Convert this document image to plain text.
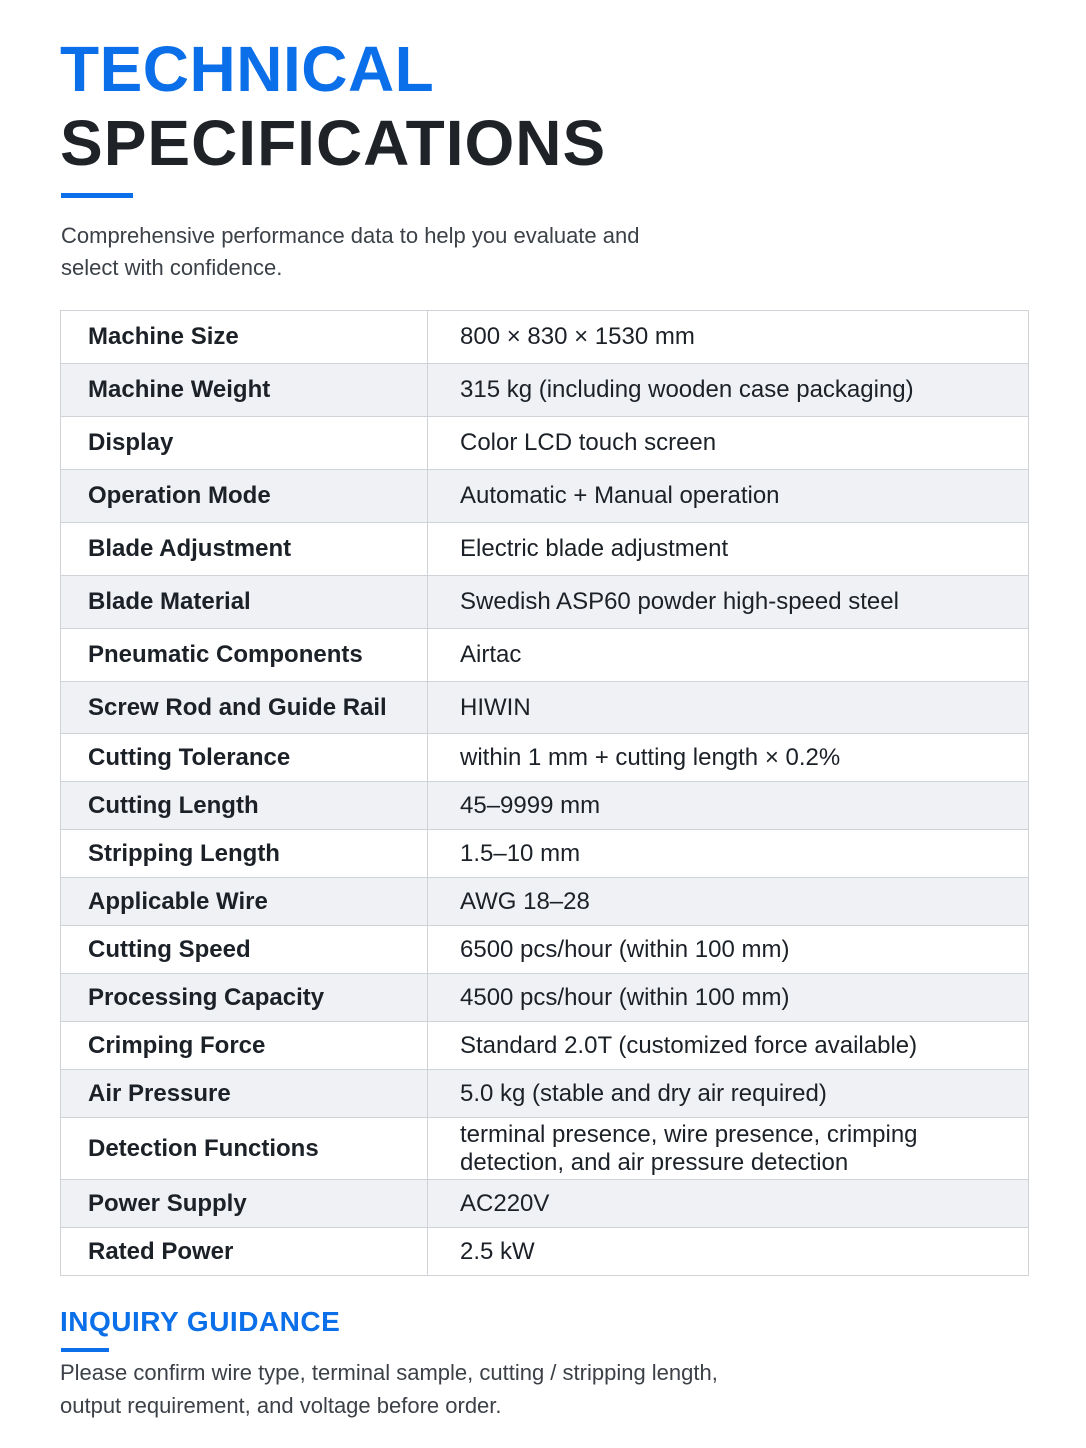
TECHNICAL
SPECIFICATIONS

Comprehensive performance data to help you evaluate and select with confidence.

Machine Size	800 × 830 × 1530 mm
Machine Weight	315 kg (including wooden case packaging)
Display	Color LCD touch screen
Operation Mode	Automatic + Manual operation
Blade Adjustment	Electric blade adjustment
Blade Material	Swedish ASP60 powder high-speed steel
Pneumatic Components	Airtac
Screw Rod and Guide Rail	HIWIN
Cutting Tolerance	within 1 mm + cutting length × 0.2%
Cutting Length	45–9999 mm
Stripping Length	1.5–10 mm
Applicable Wire	AWG 18–28
Cutting Speed	6500 pcs/hour (within 100 mm)
Processing Capacity	4500 pcs/hour (within 100 mm)
Crimping Force	Standard 2.0T (customized force available)
Air Pressure	5.0 kg (stable and dry air required)
Detection Functions	terminal presence, wire presence, crimping detection, and air pressure detection
Power Supply	AC220V
Rated Power	2.5 kW
INQUIRY GUIDANCE

Please confirm wire type, terminal sample, cutting / stripping length, output requirement, and voltage before order.
